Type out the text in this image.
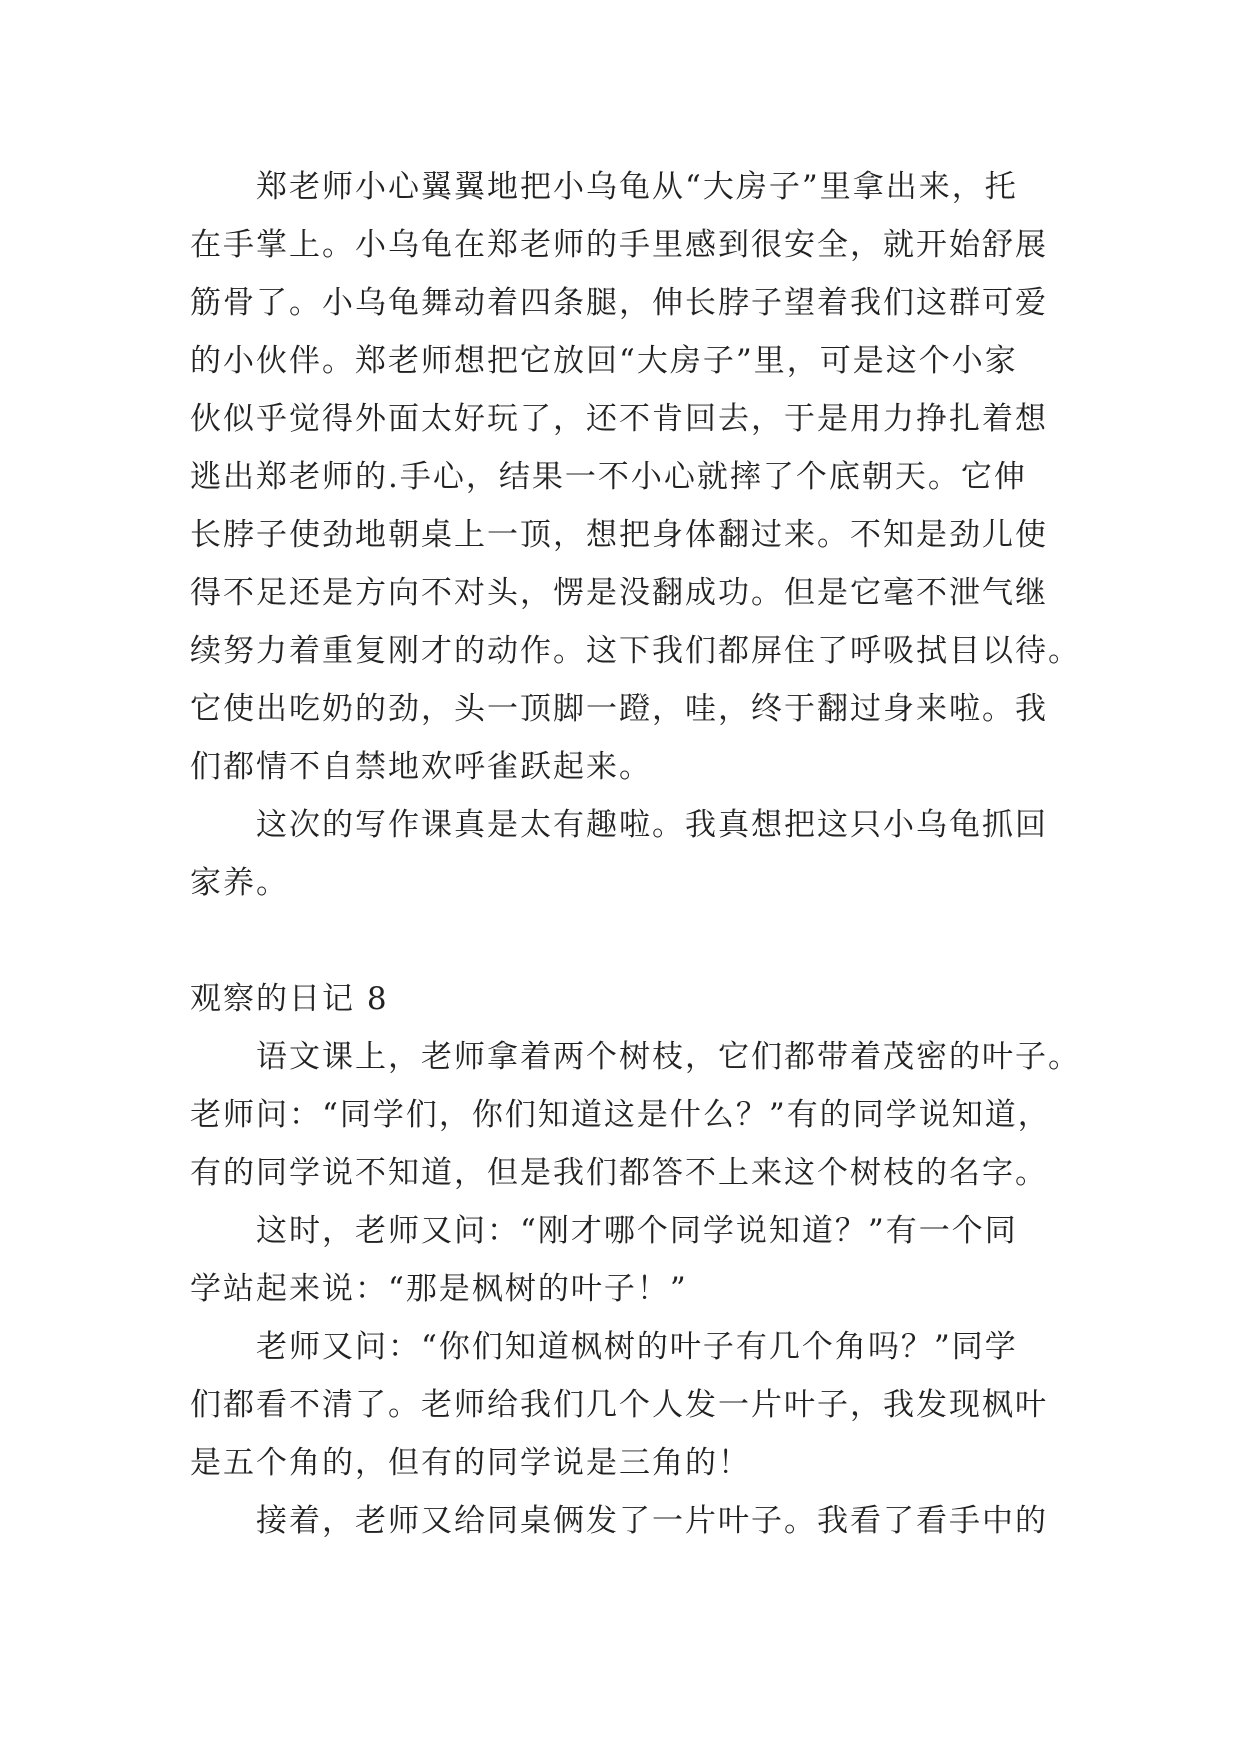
郑老师小心翼翼地把小乌龟从“大房子”里拿出来，托
在手掌上。小乌龟在郑老师的手里感到很安全，就开始舒展
筋骨了。小乌龟舞动着四条腿，伸长脖子望着我们这群可爱
的小伙伴。郑老师想把它放回“大房子”里，可是这个小家
伙似乎觉得外面太好玩了，还不肯回去，于是用力挣扎着想
逃出郑老师的.手心，结果一不小心就摔了个底朝天。它伸
长脖子使劲地朝桌上一顶，想把身体翻过来。不知是劲儿使
得不足还是方向不对头，愣是没翻成功。但是它毫不泄气继
续努力着重复刚才的动作。这下我们都屏住了呼吸拭目以待。
它使出吃奶的劲，头一顶脚一蹬，哇，终于翻过身来啦。我
们都情不自禁地欢呼雀跃起来。
这次的写作课真是太有趣啦。我真想把这只小乌龟抓回
家养。
观察的日记 8
语文课上，老师拿着两个树枝，它们都带着茂密的叶子。
老师问：“同学们，你们知道这是什么？”有的同学说知道，
有的同学说不知道，但是我们都答不上来这个树枝的名字。
这时，老师又问：“刚才哪个同学说知道？”有一个同
学站起来说：“那是枫树的叶子！”
老师又问：“你们知道枫树的叶子有几个角吗？”同学
们都看不清了。老师给我们几个人发一片叶子，我发现枫叶
是五个角的，但有的同学说是三角的！
接着，老师又给同桌俩发了一片叶子。我看了看手中的
